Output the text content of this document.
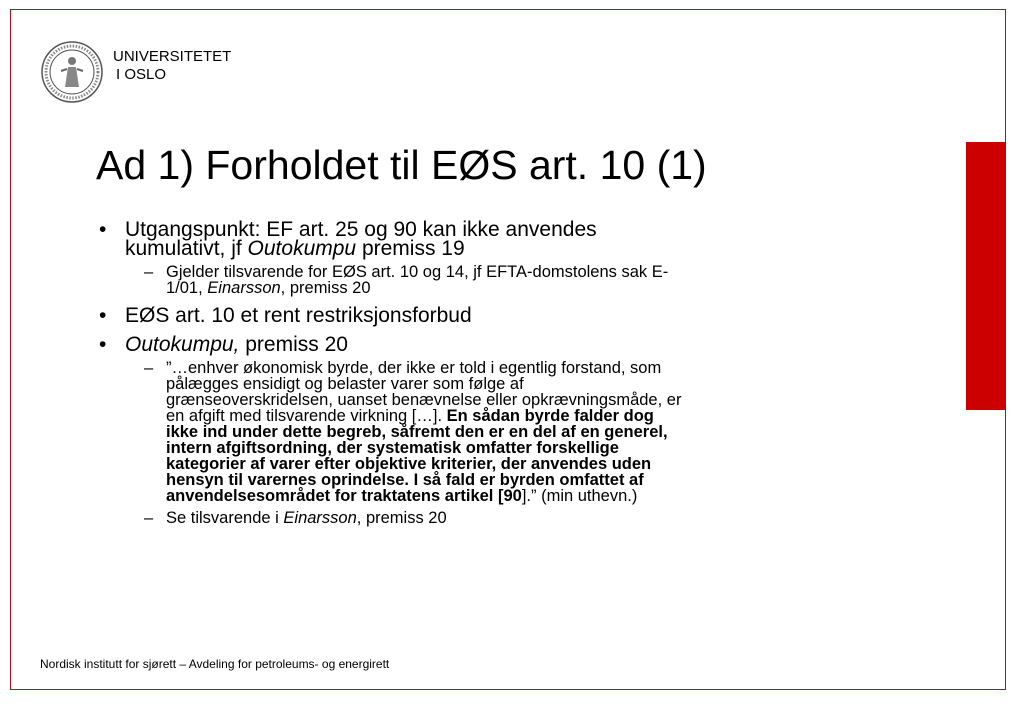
UNIVERSITETET
I OSLO
Ad 1) Forholdet til EØS art. 10 (1)
• Utgangspunkt: EF art. 25 og 90 kan ikke anvendes
kumulativt, jf Outokumpu premiss 19
– Gjelder tilsvarende for EØS art. 10 og 14, jf EFTA-domstolens sak E-
1/01, Einarsson, premiss 20
• EØS art. 10 et rent restriksjonsforbud
• Outokumpu, premiss 20
– ”…enhver økonomisk byrde, der ikke er told i egentlig forstand, som
pålægges ensidigt og belaster varer som følge af
grænseoverskridelsen, uanset benævnelse eller opkrævningsmåde, er
en afgift med tilsvarende virkning […]. En sådan byrde falder dog
ikke ind under dette begreb, såfremt den er en del af en generel,
intern afgiftsordning, der systematisk omfatter forskellige
kategorier af varer efter objektive kriterier, der anvendes uden
hensyn til varernes oprindelse. I så fald er byrden omfattet af
anvendelsesområdet for traktatens artikel [90].” (min uthevn.)
– Se tilsvarende i Einarsson, premiss 20
Nordisk institutt for sjørett – Avdeling for petroleums- og energirett
